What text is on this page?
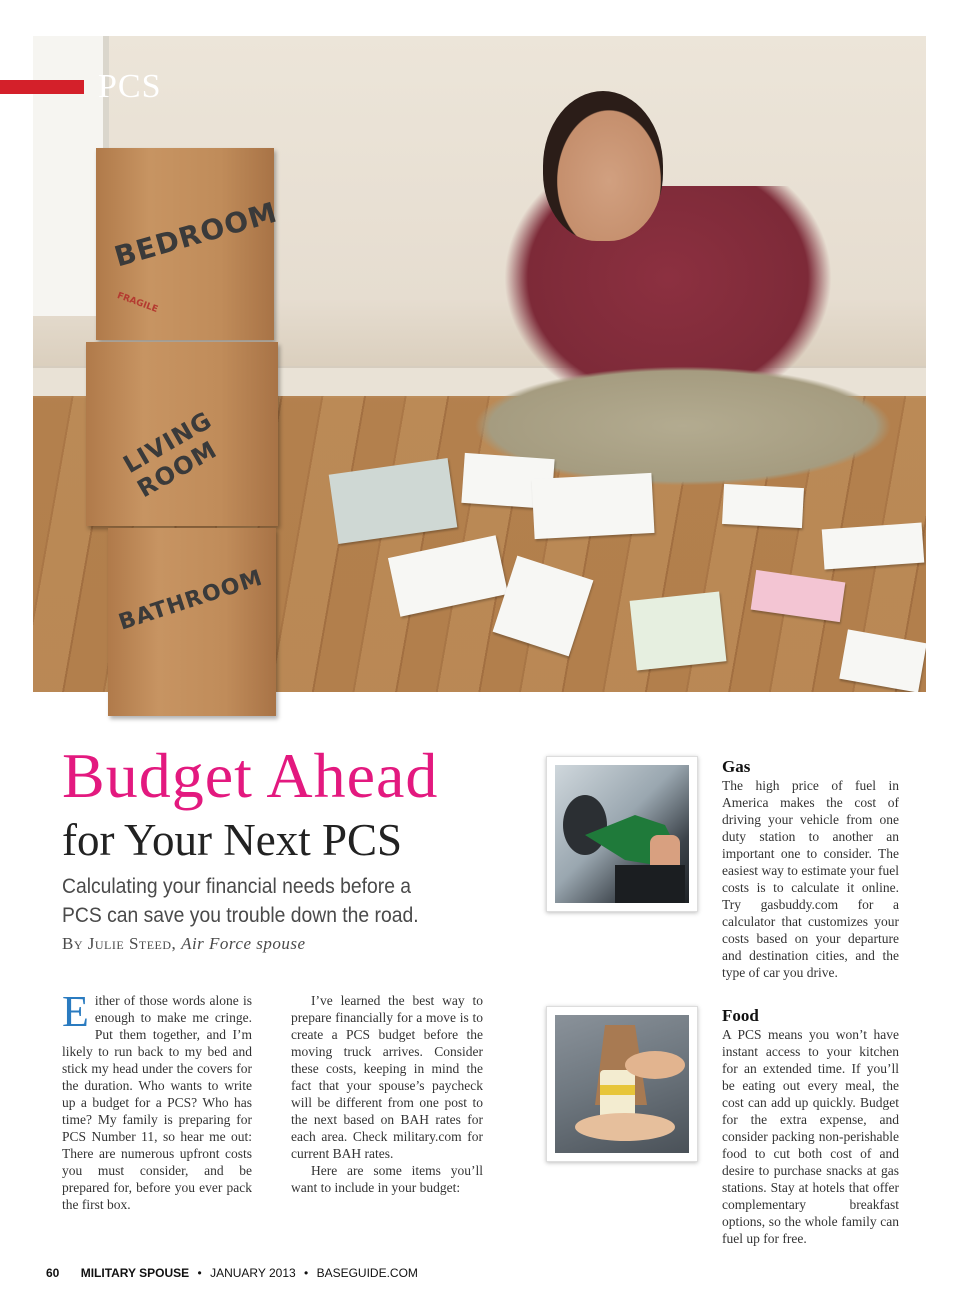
BEDROOM
FRAGILE
LIVING ROOM
BATHROOM
PCS
Budget Ahead
for Your Next PCS
Calculating your financial needs before a PCS can save you trouble down the road.
By Julie Steed, Air Force spouse

Either of those words alone is enough to make me cringe. Put them together, and I’m likely to run back to my bed and stick my head under the covers for the duration. Who wants to write up a budget for a PCS? Who has time? My family is preparing for PCS Number 11, so hear me out: There are numerous upfront costs you must consider, and be prepared for, before you ever pack the first box.

I’ve learned the best way to prepare financially for a move is to create a PCS budget before the moving truck arrives. Consider these costs, keeping in mind the fact that your spouse’s paycheck will be different from one post to the next based on BAH rates for each area. Check military.com for current BAH rates.

Here are some items you’ll want to include in your budget:

Gas
The high price of fuel in America makes the cost of driving your vehicle from one duty station to another an important one to consider. The easiest way to estimate your fuel costs is to calculate it online. Try gasbuddy.com for a calculator that customizes your costs based on your departure and destination cities, and the type of car you drive.
Food
A PCS means you won’t have instant access to your kitchen for an extended time. If you’ll be eating out every meal, the cost can add up quickly. Budget for the extra expense, and consider packing non-perishable food to cut both cost of and desire to purchase snacks at gas stations. Stay at hotels that offer complementary breakfast options, so the whole family can fuel up for free.
60 MILITARY SPOUSE • JANUARY 2013 • BASEGUIDE.COM
